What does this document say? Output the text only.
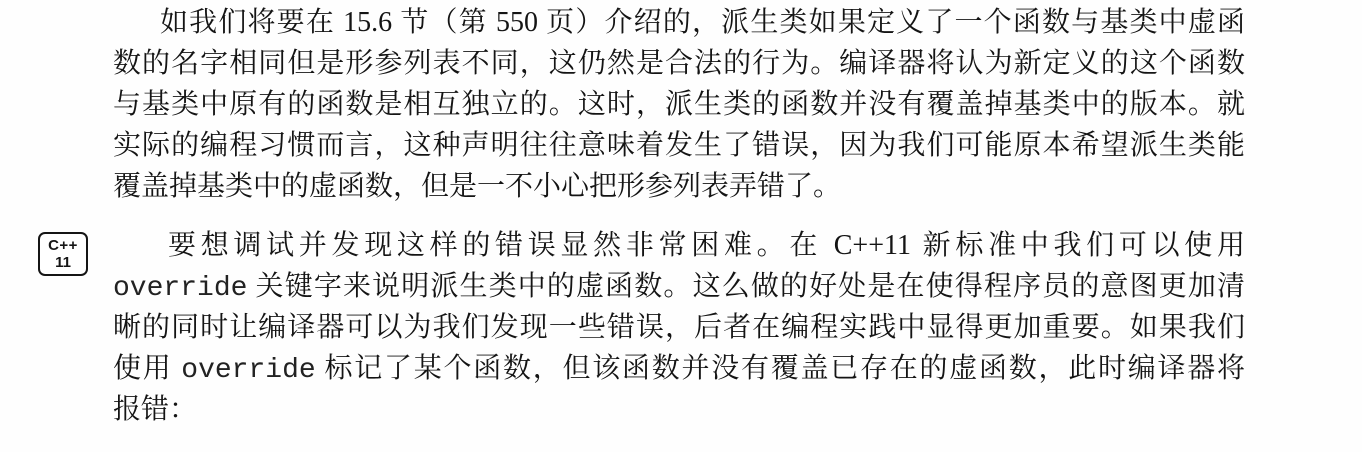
C++
11
如我们将要在 15.6 节（第 550 页）介绍的，派生类如果定义了一个函数与基类中虚函
数的名字相同但是形参列表不同，这仍然是合法的行为。编译器将认为新定义的这个函数
与基类中原有的函数是相互独立的。这时，派生类的函数并没有覆盖掉基类中的版本。就
实际的编程习惯而言，这种声明往往意味着发生了错误，因为我们可能原本希望派生类能
覆盖掉基类中的虚函数，但是一不小心把形参列表弄错了。
要想调试并发现这样的错误显然非常困难。在 C++11 新标准中我们可以使用
override 关键字来说明派生类中的虚函数。这么做的好处是在使得程序员的意图更加清
晰的同时让编译器可以为我们发现一些错误，后者在编程实践中显得更加重要。如果我们
使用 override 标记了某个函数，但该函数并没有覆盖已存在的虚函数，此时编译器将
报错：
